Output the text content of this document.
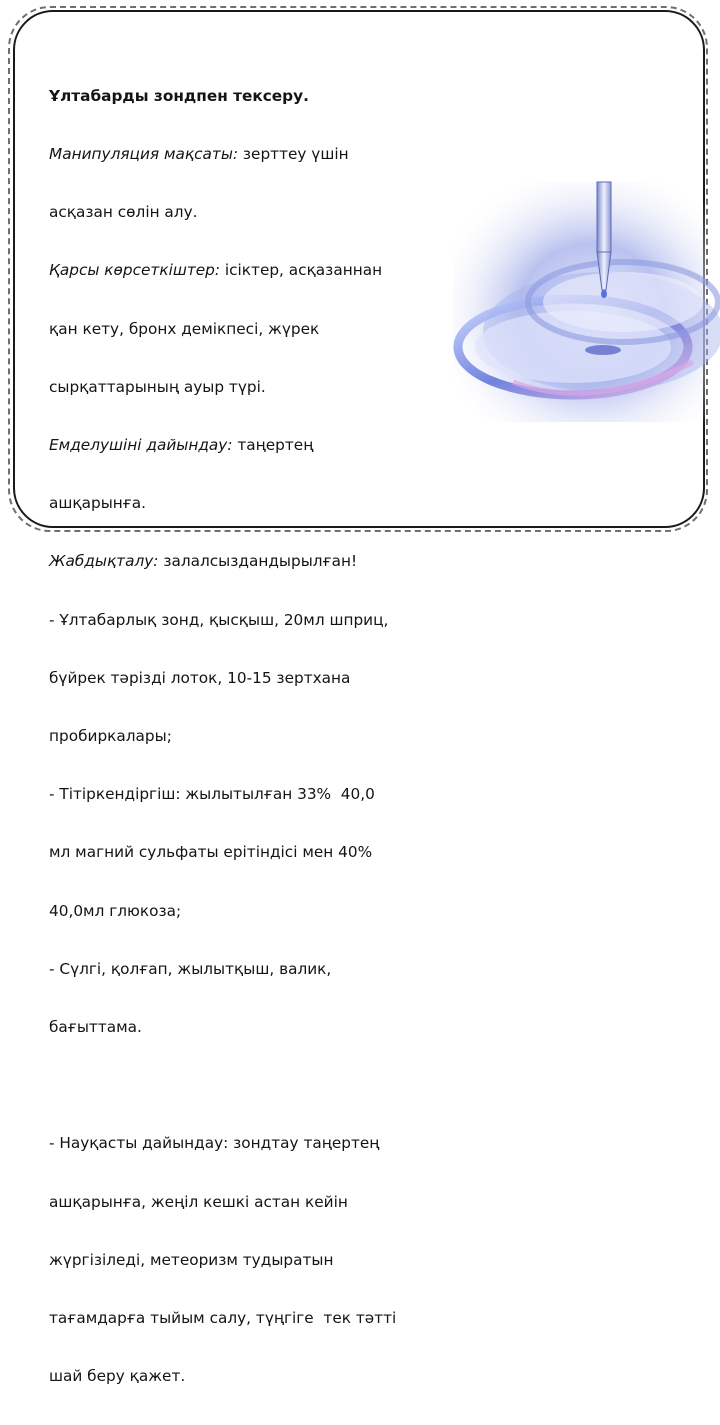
Ұлтабарды зондпен тексеру.

Манипуляция мақсаты: зерттеу үшін

асқазан сөлін алу.

Қарсы көрсеткіштер: ісіктер, асқазаннан

қан кету, бронх демікпесі, жүрек

сырқаттарының ауыр түрі.

Емделушіні дайындау: таңертең

ашқарынға.

Жабдықталу: залалсыздандырылған!

- Ұлтабарлық зонд, қысқыш, 20мл шприц,

бүйрек тәрізді лоток, 10-15 зертхана

пробиркалары;

- Тітіркендіргіш: жылытылған 33%  40,0

мл магний сульфаты ерітіндісі мен 40%

40,0мл глюкоза;

- Сүлгі, қолғап, жылытқыш, валик,

бағыттама.

- Науқасты дайындау: зондтау таңертең

ашқарынға, жеңіл кешкі астан кейін

жүргізіледі, метеоризм тудыратын

тағамдарға тыйым салу, түңгіге  тек тәтті

шай беру қажет.
